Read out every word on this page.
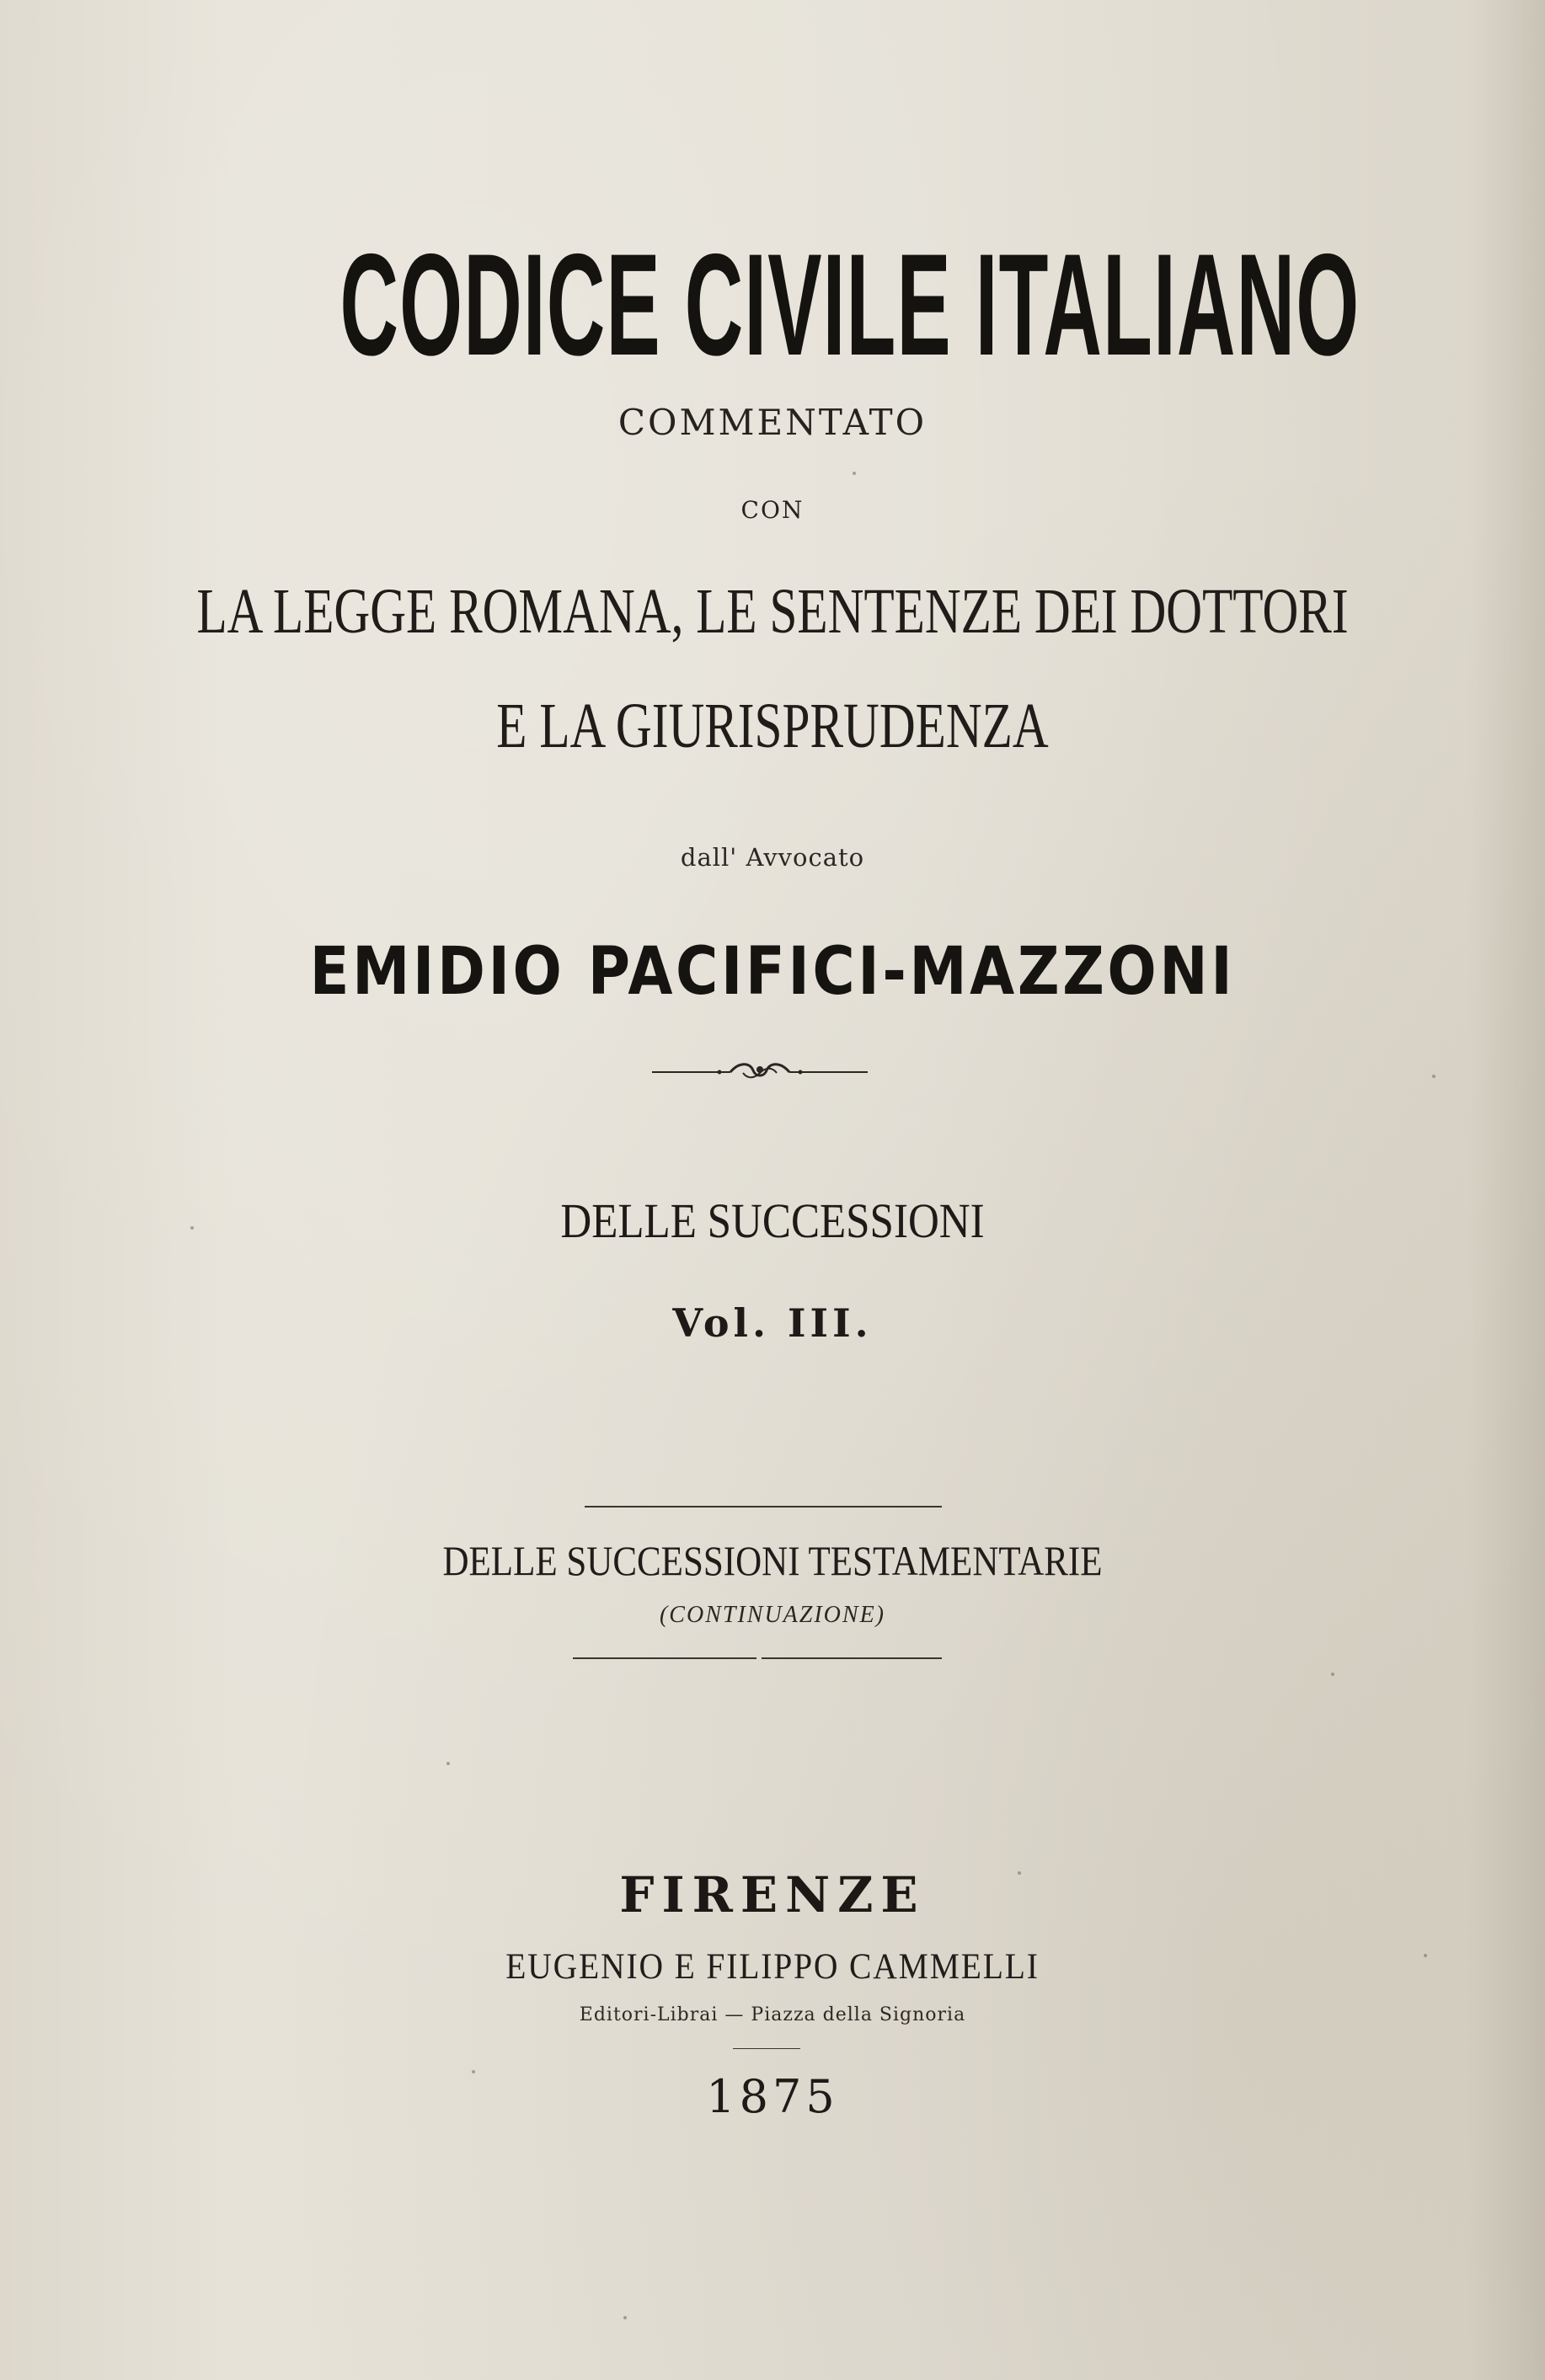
CODICE CIVILE ITALIANO

COMMENTATO

CON

LA LEGGE ROMANA, LE SENTENZE DEI DOTTORI

E LA GIURISPRUDENZA

dall' Avvocato

EMIDIO PACIFICI-MAZZONI

DELLE SUCCESSIONI

Vol. III.

DELLE SUCCESSIONI TESTAMENTARIE

(CONTINUAZIONE)

FIRENZE

EUGENIO E FILIPPO CAMMELLI

Editori-Librai — Piazza della Signoria

1875
